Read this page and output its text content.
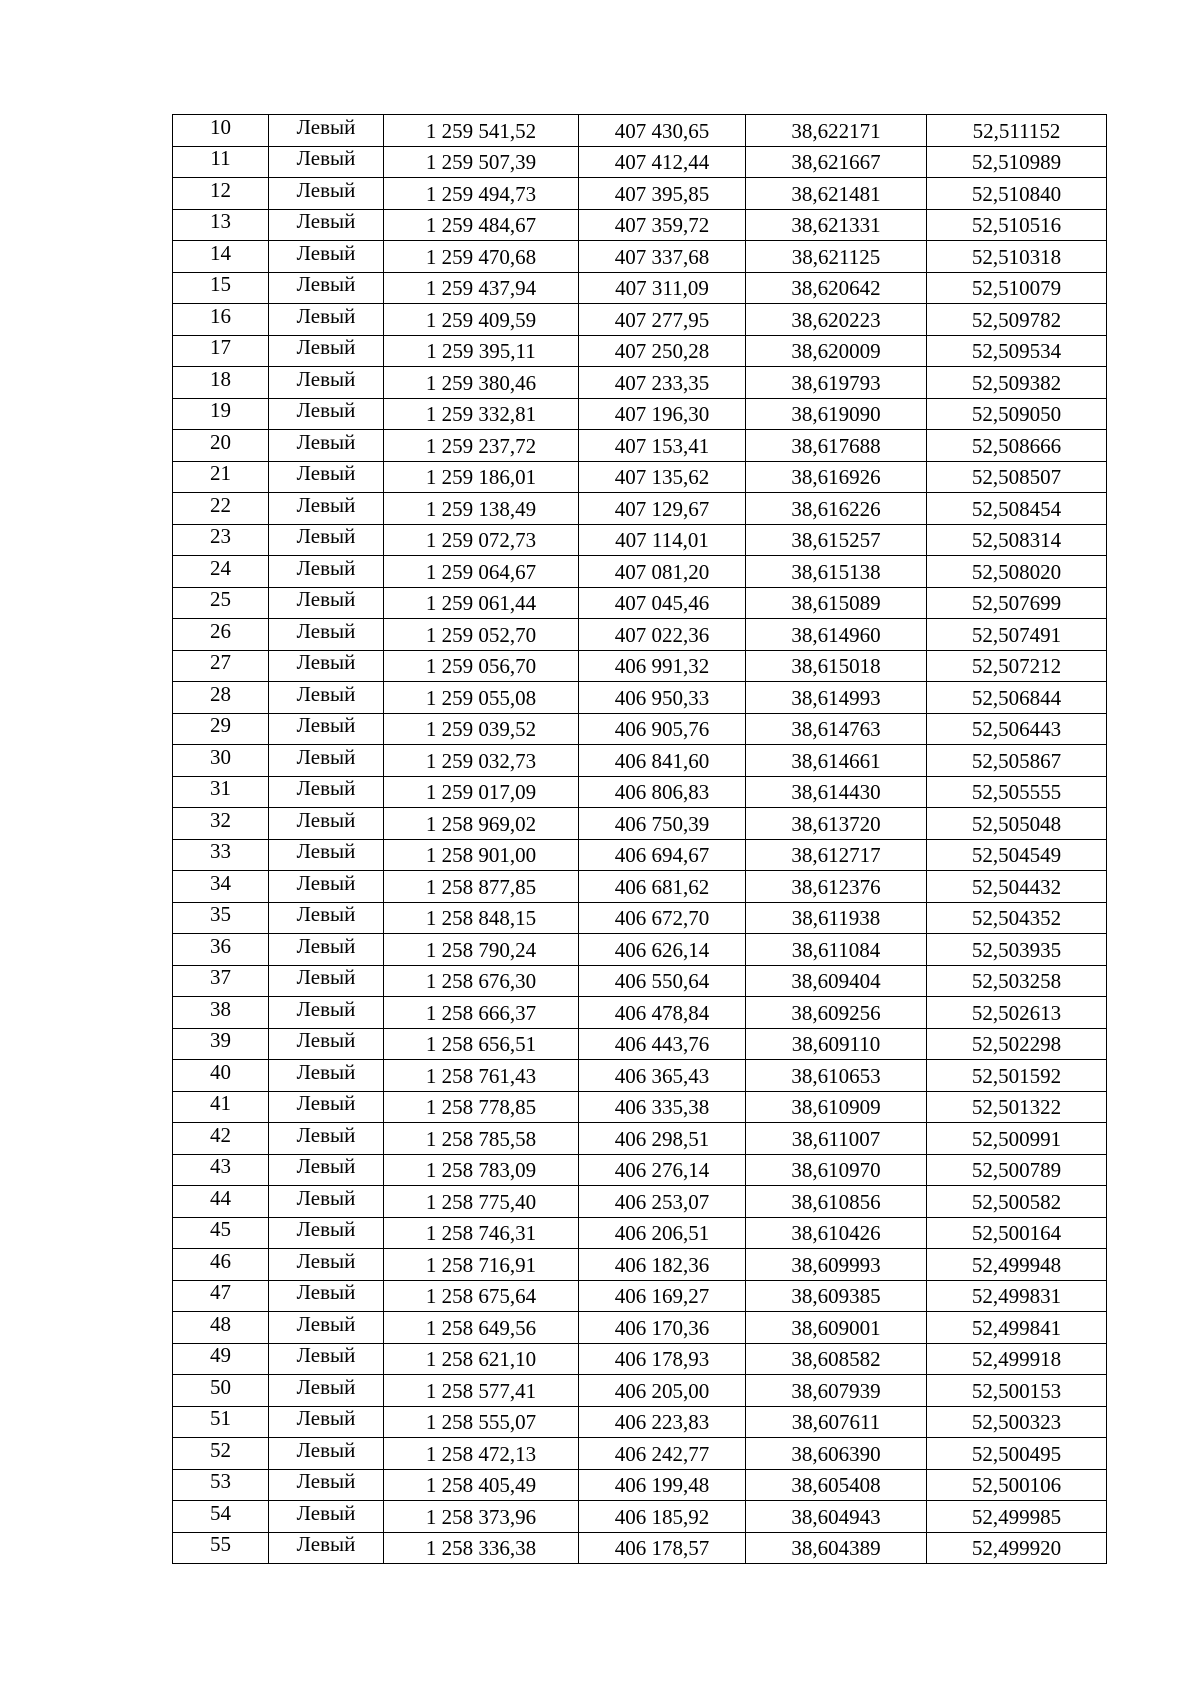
10	Левый	1 259 541,52	407 430,65	38,622171	52,511152
11	Левый	1 259 507,39	407 412,44	38,621667	52,510989
12	Левый	1 259 494,73	407 395,85	38,621481	52,510840
13	Левый	1 259 484,67	407 359,72	38,621331	52,510516
14	Левый	1 259 470,68	407 337,68	38,621125	52,510318
15	Левый	1 259 437,94	407 311,09	38,620642	52,510079
16	Левый	1 259 409,59	407 277,95	38,620223	52,509782
17	Левый	1 259 395,11	407 250,28	38,620009	52,509534
18	Левый	1 259 380,46	407 233,35	38,619793	52,509382
19	Левый	1 259 332,81	407 196,30	38,619090	52,509050
20	Левый	1 259 237,72	407 153,41	38,617688	52,508666
21	Левый	1 259 186,01	407 135,62	38,616926	52,508507
22	Левый	1 259 138,49	407 129,67	38,616226	52,508454
23	Левый	1 259 072,73	407 114,01	38,615257	52,508314
24	Левый	1 259 064,67	407 081,20	38,615138	52,508020
25	Левый	1 259 061,44	407 045,46	38,615089	52,507699
26	Левый	1 259 052,70	407 022,36	38,614960	52,507491
27	Левый	1 259 056,70	406 991,32	38,615018	52,507212
28	Левый	1 259 055,08	406 950,33	38,614993	52,506844
29	Левый	1 259 039,52	406 905,76	38,614763	52,506443
30	Левый	1 259 032,73	406 841,60	38,614661	52,505867
31	Левый	1 259 017,09	406 806,83	38,614430	52,505555
32	Левый	1 258 969,02	406 750,39	38,613720	52,505048
33	Левый	1 258 901,00	406 694,67	38,612717	52,504549
34	Левый	1 258 877,85	406 681,62	38,612376	52,504432
35	Левый	1 258 848,15	406 672,70	38,611938	52,504352
36	Левый	1 258 790,24	406 626,14	38,611084	52,503935
37	Левый	1 258 676,30	406 550,64	38,609404	52,503258
38	Левый	1 258 666,37	406 478,84	38,609256	52,502613
39	Левый	1 258 656,51	406 443,76	38,609110	52,502298
40	Левый	1 258 761,43	406 365,43	38,610653	52,501592
41	Левый	1 258 778,85	406 335,38	38,610909	52,501322
42	Левый	1 258 785,58	406 298,51	38,611007	52,500991
43	Левый	1 258 783,09	406 276,14	38,610970	52,500789
44	Левый	1 258 775,40	406 253,07	38,610856	52,500582
45	Левый	1 258 746,31	406 206,51	38,610426	52,500164
46	Левый	1 258 716,91	406 182,36	38,609993	52,499948
47	Левый	1 258 675,64	406 169,27	38,609385	52,499831
48	Левый	1 258 649,56	406 170,36	38,609001	52,499841
49	Левый	1 258 621,10	406 178,93	38,608582	52,499918
50	Левый	1 258 577,41	406 205,00	38,607939	52,500153
51	Левый	1 258 555,07	406 223,83	38,607611	52,500323
52	Левый	1 258 472,13	406 242,77	38,606390	52,500495
53	Левый	1 258 405,49	406 199,48	38,605408	52,500106
54	Левый	1 258 373,96	406 185,92	38,604943	52,499985
55	Левый	1 258 336,38	406 178,57	38,604389	52,499920
